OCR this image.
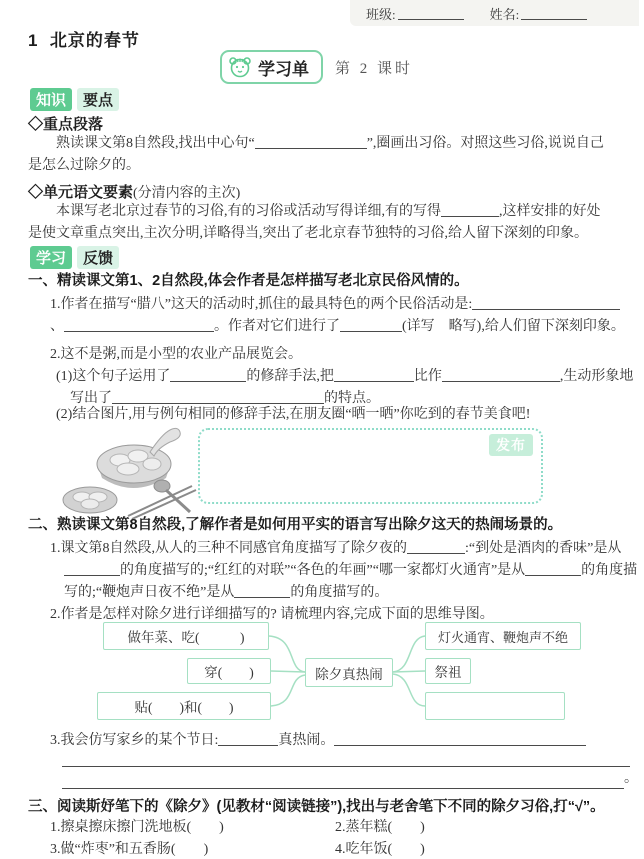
班级:	姓名:
1  北京的春节
学习单 第 2 课时
知识	要点
◇重点段落
熟读课文第8自然段,找出中心句“	”,圈画出习俗。对照这些习俗,说说自己是怎么过除夕的。
◇单元语文要素(分清内容的主次)
本课写老北京过春节的习俗,有的习俗或活动写得详细,有的写得	,这样安排的好处是使文章重点突出,主次分明,详略得当,突出了老北京春节独特的习俗,给人留下深刻的印象。
学习	反馈
一、精读课文第1、2自然段,体会作者是怎样描写老北京民俗风情的。
1.作者在描写“腊八”这天的活动时,抓住的最具特色的两个民俗活动是:、	。作者对它们进行了	(详写　略写),给人们留下深刻印象。
2.这不是粥,而是小型的农业产品展览会。
(1)这个句子运用了	的修辞手法,把	比作	,生动形象地写出了	的特点。
(2)结合图片,用与例句相同的修辞手法,在朋友圈“晒一晒”你吃到的春节美食吧!
发布
二、熟读课文第8自然段,了解作者是如何用平实的语言写出除夕这天的热闹场景的。
1.课文第8自然段,从人的三种不同感官角度描写了除夕夜的	:“到处是酒肉的香味”是从的角度描写的;“红红的对联”“各色的年画”“哪一家都灯火通宵”是从	的角度描写的;“鞭炮声日夜不绝”是从	的角度描写的。
2.作者是怎样对除夕进行详细描写的? 请梳理内容,完成下面的思维导图。
做年菜、吃(　　　)
穿(　　)
贴(　　)和(　　)
除夕真热闹
灯火通宵、鞭炮声不绝
祭祖
3.我会仿写家乡的某个节日:	真热闹。
。
三、阅读斯妤笔下的《除夕》(见教材“阅读链接”),找出与老舍笔下不同的除夕习俗,打“√”。
1.擦桌擦床擦门洗地板(　　)	2.蒸年糕(　　)
3.做“炸枣”和五香肠(　　)	4.吃年饭(　　)
